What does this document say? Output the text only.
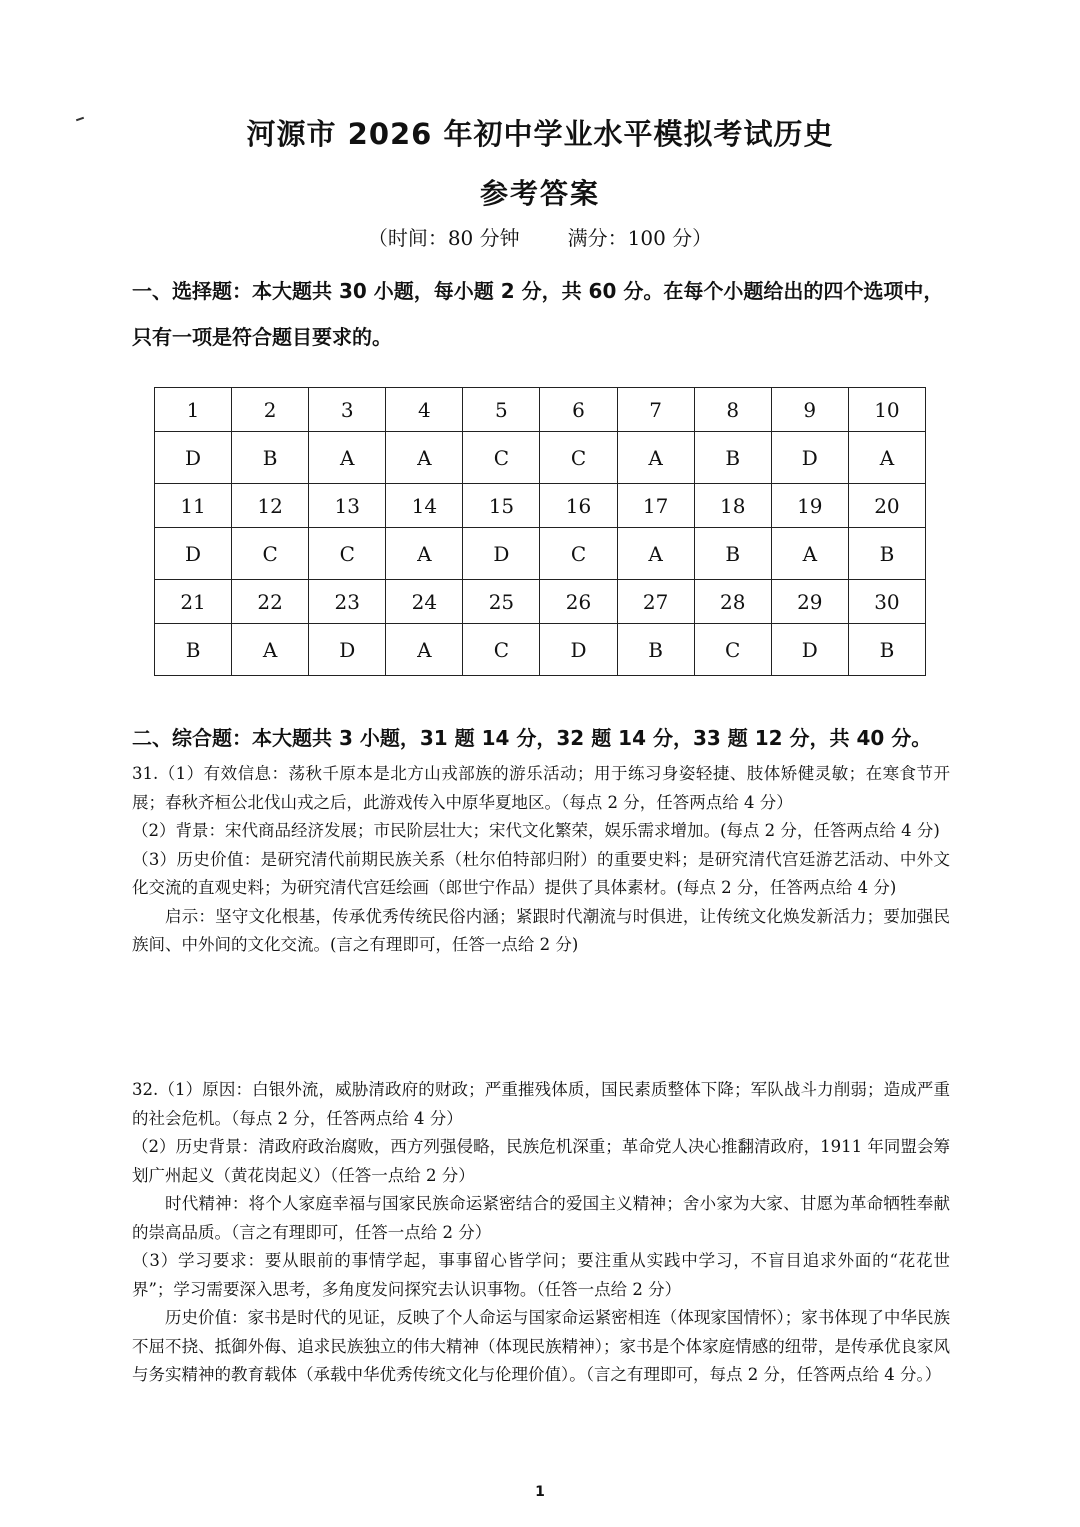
河源市 2026 年初中学业水平模拟考试历史
参考答案
（时间：80 分钟 满分：100 分）
一、选择题：本大题共 30 小题，每小题 2 分，共 60 分。在每个小题给出的四个选项中，只有一项是符合题目要求的。
1	2	3	4	5	6	7	8	9	10
D	B	A	A	C	C	A	B	D	A
11	12	13	14	15	16	17	18	19	20
D	C	C	A	D	C	A	B	A	B
21	22	23	24	25	26	27	28	29	30
B	A	D	A	C	D	B	C	D	B
二、综合题：本大题共 3 小题，31 题 14 分，32 题 14 分，33 题 12 分，共 40 分。

31.（1）有效信息：荡秋千原本是北方山戎部族的游乐活动；用于练习身姿轻捷、肢体矫健灵敏；在寒食节开展；春秋齐桓公北伐山戎之后，此游戏传入中原华夏地区。（每点 2 分，任答两点给 4 分）

（2）背景：宋代商品经济发展；市民阶层壮大；宋代文化繁荣，娱乐需求增加。(每点 2 分，任答两点给 4 分)

（3）历史价值：是研究清代前期民族关系（杜尔伯特部归附）的重要史料；是研究清代宫廷游艺活动、中外文化交流的直观史料；为研究清代宫廷绘画（郎世宁作品）提供了具体素材。(每点 2 分，任答两点给 4 分)

启示：坚守文化根基，传承优秀传统民俗内涵；紧跟时代潮流与时俱进，让传统文化焕发新活力；要加强民族间、中外间的文化交流。(言之有理即可，任答一点给 2 分)

32.（1）原因：白银外流，威胁清政府的财政；严重摧残体质，国民素质整体下降；军队战斗力削弱；造成严重的社会危机。（每点 2 分，任答两点给 4 分）

（2）历史背景：清政府政治腐败，西方列强侵略，民族危机深重；革命党人决心推翻清政府，1911 年同盟会筹划广州起义（黄花岗起义）（任答一点给 2 分）

时代精神：将个人家庭幸福与国家民族命运紧密结合的爱国主义精神；舍小家为大家、甘愿为革命牺牲奉献的崇高品质。（言之有理即可，任答一点给 2 分）

（3）学习要求：要从眼前的事情学起，事事留心皆学问；要注重从实践中学习，不盲目追求外面的“花花世界”；学习需要深入思考，多角度发问探究去认识事物。（任答一点给 2 分）

历史价值：家书是时代的见证，反映了个人命运与国家命运紧密相连（体现家国情怀）；家书体现了中华民族不屈不挠、抵御外侮、追求民族独立的伟大精神（体现民族精神）；家书是个体家庭情感的纽带，是传承优良家风与务实精神的教育载体（承载中华优秀传统文化与伦理价值）。（言之有理即可，每点 2 分，任答两点给 4 分。）

1
